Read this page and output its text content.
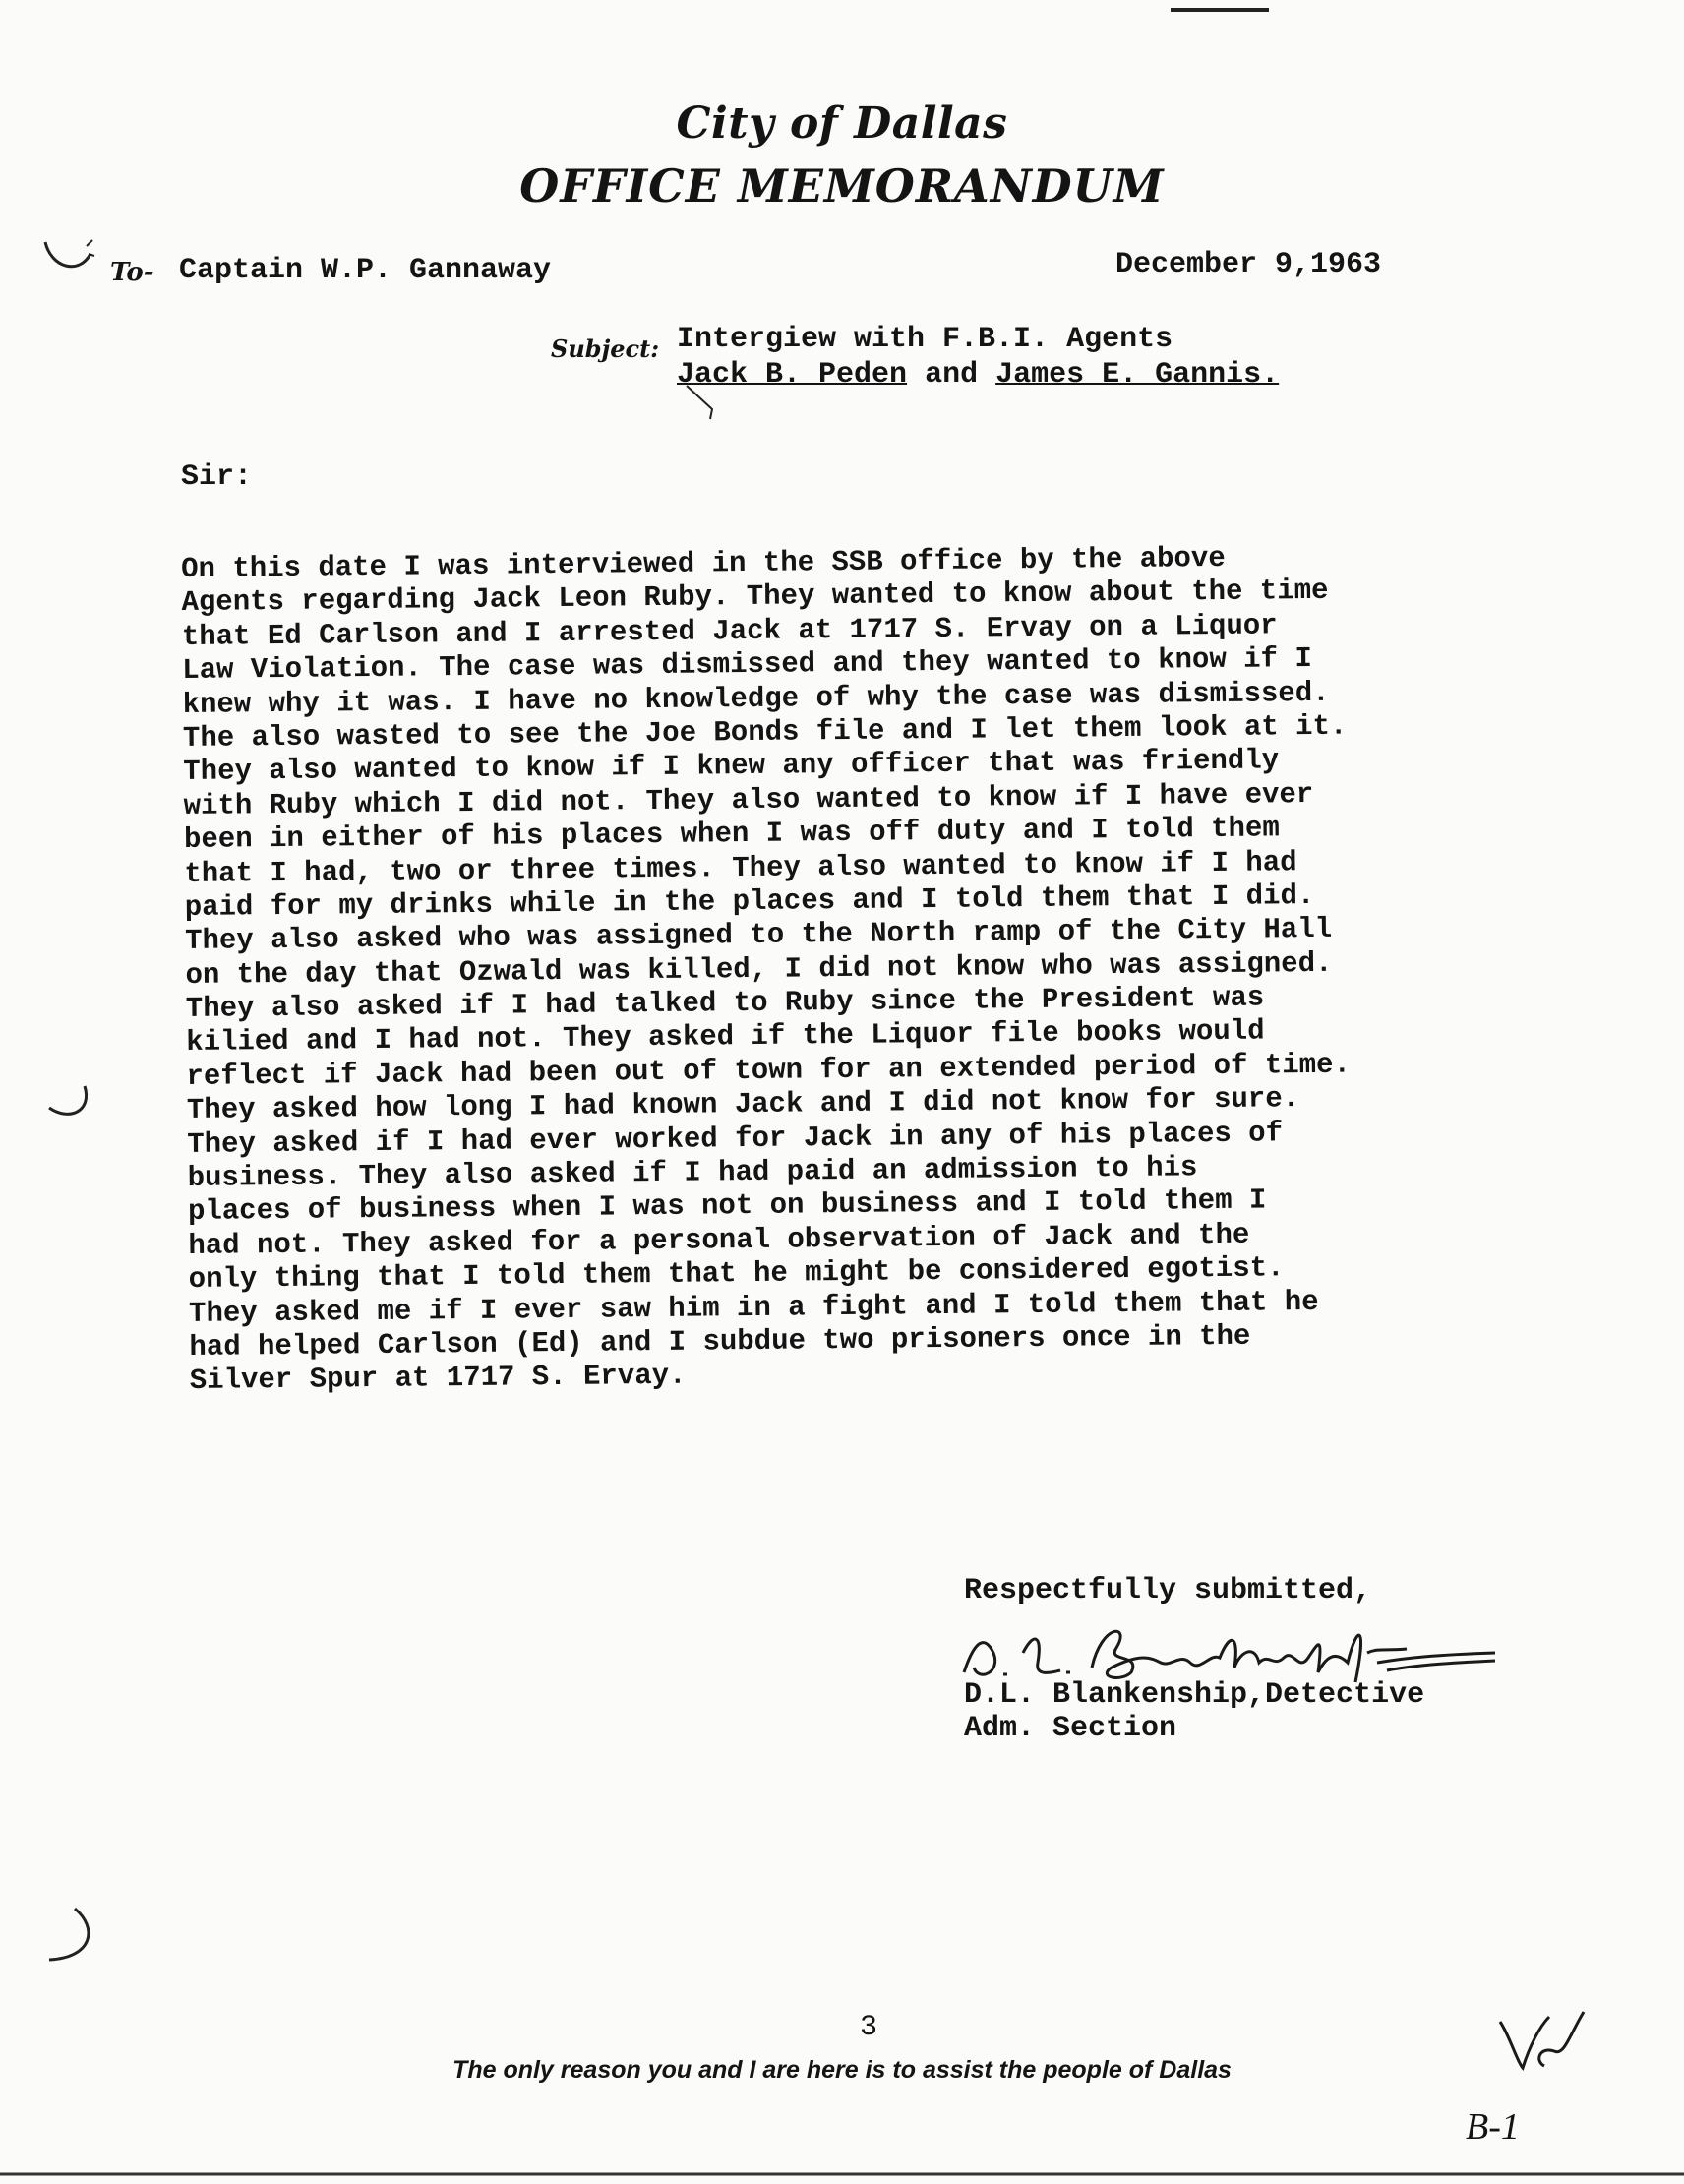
City of Dallas
OFFICE MEMORANDUM
To- Captain W.P. Gannaway	December 9,1963
Subject: Intergiew with F.B.I. Agents
Jack B. Peden and James E. Gannis.
Sir:
On this date I was interviewed in the SSB office by the above
Agents regarding Jack Leon Ruby. They wanted to know about the time
that Ed Carlson and I arrested Jack at 1717 S. Ervay on a Liquor
Law Violation. The case was dismissed and they wanted to know if I
knew why it was. I have no knowledge of why the case was dismissed.
The also wasted to see the Joe Bonds file and I let them look at it.
They also wanted to know if I knew any officer that was friendly
with Ruby which I did not. They also wanted to know if I have ever
been in either of his places when I was off duty and I told them
that I had, two or three times. They also wanted to know if I had
paid for my drinks while in the places and I told them that I did.
They also asked who was assigned to the North ramp of the City Hall
on the day that Ozwald was killed, I did not know who was assigned.
They also asked if I had talked to Ruby since the President was
kilied and I had not. They asked if the Liquor file books would
reflect if Jack had been out of town for an extended period of time.
They asked how long I had known Jack and I did not know for sure.
They asked if I had ever worked for Jack in any of his places of
business. They also asked if I had paid an admission to his
places of business when I was not on business and I told them I
had not. They asked for a personal observation of Jack and the
only thing that I told them that he might be considered egotist.
They asked me if I ever saw him in a fight and I told them that he
had helped Carlson (Ed) and I subdue two prisoners once in the
Silver Spur at 1717 S. Ervay.
Respectfully submitted,
D.L. Blankenship,Detective
Adm. Section
3
The only reason you and I are here is to assist the people of Dallas
B-1
